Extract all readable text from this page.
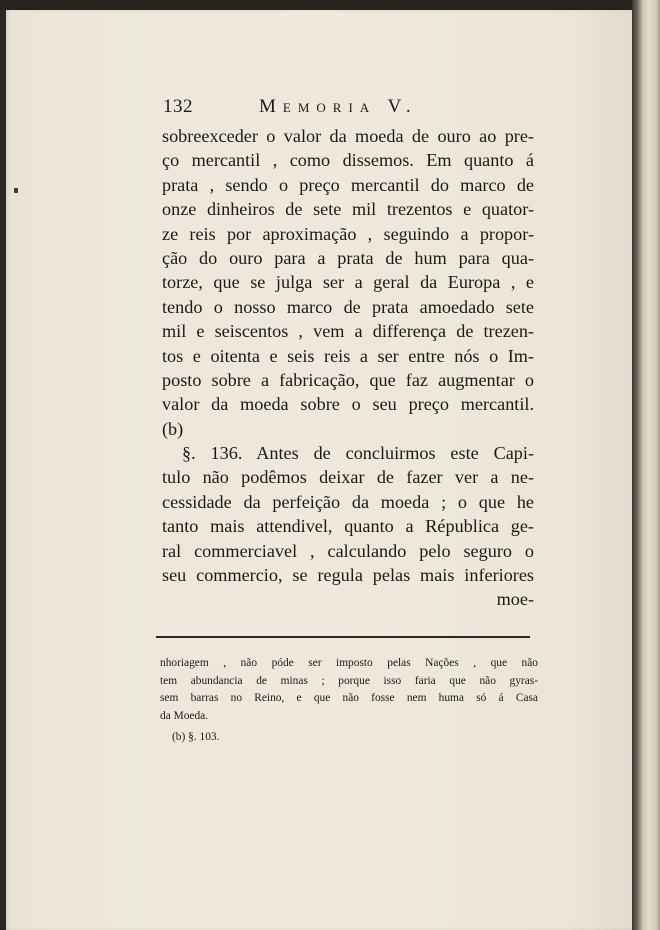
132	Memoria V.
sobreexceder o valor da moeda de ouro ao pre-
ço mercantil , como dissemos. Em quanto á
prata , sendo o preço mercantil do marco de
onze dinheiros de sete mil trezentos e quator-
ze reis por aproximação , seguindo a propor-
ção do ouro para a prata de hum para qua-
torze, que se julga ser a geral da Europa , e
tendo o nosso marco de prata amoedado sete
mil e seiscentos , vem a differença de trezen-
tos e oitenta e seis reis a ser entre nós o Im-
posto sobre a fabricação, que faz augmentar o
valor da moeda sobre o seu preço mercantil.
(b)
§. 136. Antes de concluirmos este Capi-
tulo não podêmos deixar de fazer ver a ne-
cessidade da perfeição da moeda ; o que he
tanto mais attendivel, quanto a Républica ge-
ral commerciavel , calculando pelo seguro o
seu commercio, se regula pelas mais inferiores
moe-
nhoriagem , não póde ser imposto pelas Nações , que não
tem abundancia de minas ; porque isso faria que não gyras-
sem barras no Reino, e que não fosse nem huma só á Casa
da Moeda.
(b) §. 103.
